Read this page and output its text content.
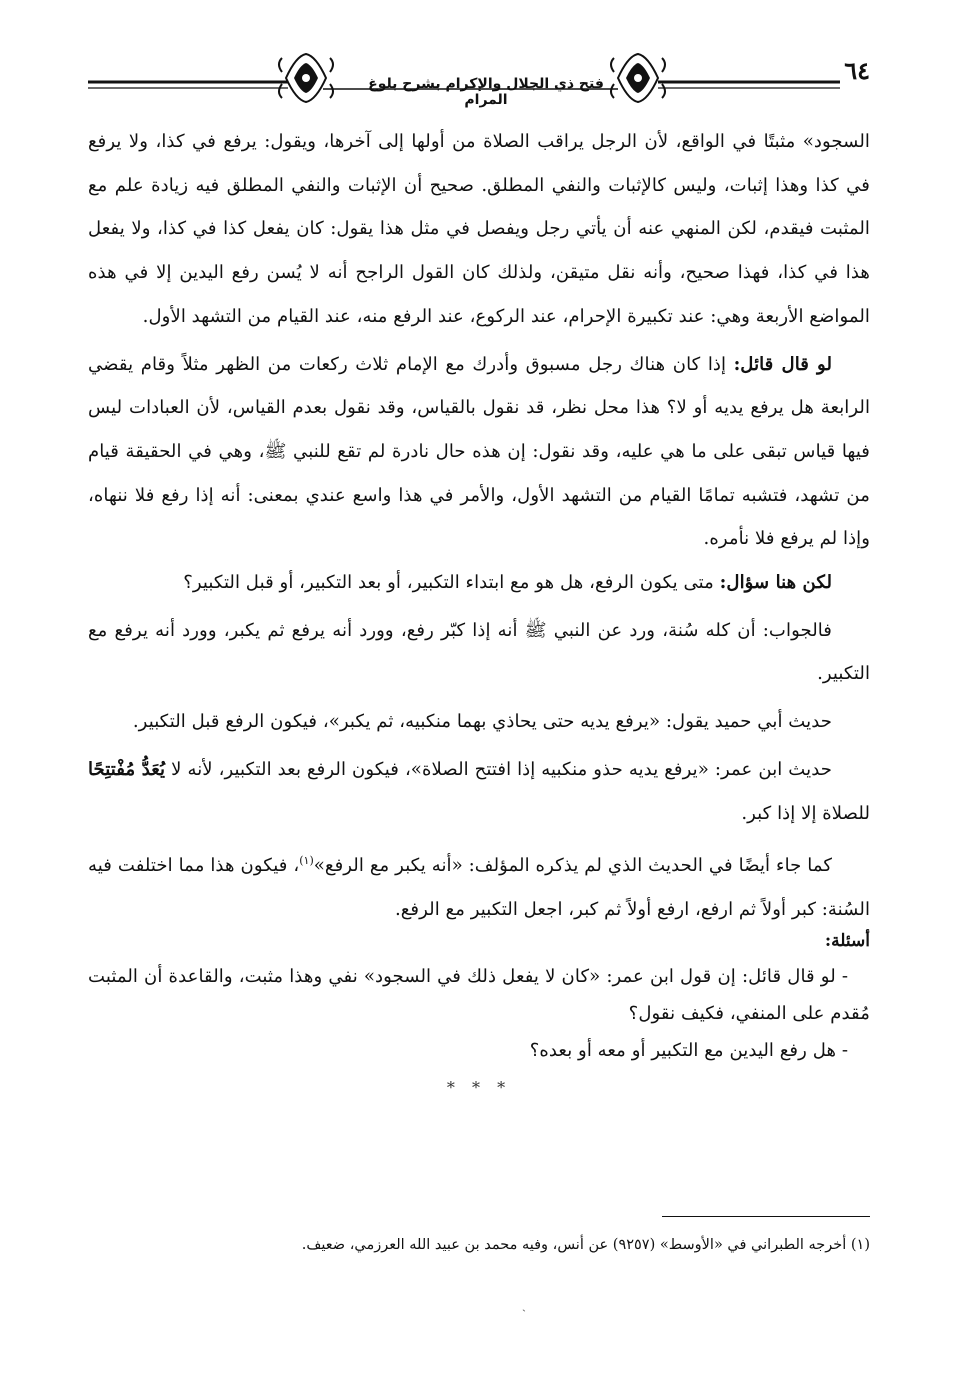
٦٤
فتح ذي الجلال والإكرام بشرح بلوغ المرام

السجود» مثبتًا في الواقع، لأن الرجل يراقب الصلاة من أولها إلى آخرها، ويقول: يرفع في كذا، ولا يرفع في كذا وهذا إثبات، وليس كالإثبات والنفي المطلق. صحيح أن الإثبات والنفي المطلق فيه زيادة علم مع المثبت فيقدم، لكن المنهي عنه أن يأتي رجل ويفصل في مثل هذا يقول: كان يفعل كذا في كذا، ولا يفعل هذا في كذا، فهذا صحيح، وأنه نقل متيقن، ولذلك كان القول الراجح أنه لا يُسن رفع اليدين إلا في هذه المواضع الأربعة وهي: عند تكبيرة الإحرام، عند الركوع، عند الرفع منه، عند القيام من التشهد الأول.

لو قال قائل: إذا كان هناك رجل مسبوق وأدرك مع الإمام ثلاث ركعات من الظهر مثلاً وقام يقضي الرابعة هل يرفع يديه أو لا؟ هذا محل نظر، قد نقول بالقياس، وقد نقول بعدم القياس، لأن العبادات ليس فيها قياس تبقى على ما هي عليه، وقد نقول: إن هذه حال نادرة لم تقع للنبي ﷺ، وهي في الحقيقة قيام من تشهد، فتشبه تمامًا القيام من التشهد الأول، والأمر في هذا واسع عندي بمعنى: أنه إذا رفع فلا ننهاه، وإذا لم يرفع فلا نأمره.

لكن هنا سؤال: متى يكون الرفع، هل هو مع ابتداء التكبير، أو بعد التكبير، أو قبل التكبير؟

فالجواب: أن كله سُنة، ورد عن النبي ﷺ أنه إذا كبّر رفع، وورد أنه يرفع ثم يكبر، وورد أنه يرفع مع التكبير.

حديث أبي حميد يقول: «يرفع يديه حتى يحاذي بهما منكبيه، ثم يكبر»، فيكون الرفع قبل التكبير.

حديث ابن عمر: «يرفع يديه حذو منكبيه إذا افتتح الصلاة»، فيكون الرفع بعد التكبير، لأنه لا يُعَدُّ مُفْتتِحًا للصلاة إلا إذا كبر.

كما جاء أيضًا في الحديث الذي لم يذكره المؤلف: «أنه يكبر مع الرفع»$^{(١)}$، فيكون هذا مما اختلفت فيه السُنة: كبر أولاً ثم ارفع، ارفع أولاً ثم كبر، اجعل التكبير مع الرفع.

أسئلة:

- لو قال قائل: إن قول ابن عمر: «كان لا يفعل ذلك في السجود» نفي وهذا مثبت، والقاعدة أن المثبت مُقدم على المنفي، فكيف نقول؟

- هل رفع اليدين مع التكبير أو معه أو بعده؟

* * *

(١) أخرجه الطبراني في «الأوسط» (٩٢٥٧) عن أنس، وفيه محمد بن عبيد الله العرزمي، ضعيف.
ˎ
